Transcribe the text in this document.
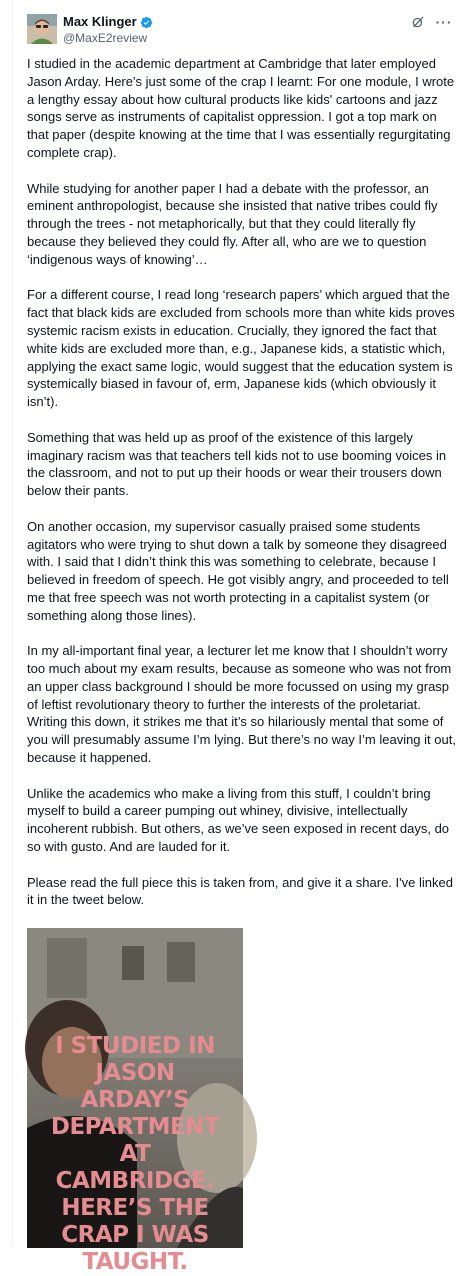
Max Klinger
@MaxE2review
···

I studied in the academic department at Cambridge that later employed Jason Arday. Here's just some of the crap I learnt: For one module, I wrote a lengthy essay about how cultural products like kids' cartoons and jazz songs serve as instruments of capitalist oppression. I got a top mark on that paper (despite knowing at the time that I was essentially regurgitating complete crap).

While studying for another paper I had a debate with the professor, an eminent anthropologist, because she insisted that native tribes could fly through the trees - not metaphorically, but that they could literally fly because they believed they could fly. After all, who are we to question ‘indigenous ways of knowing’…

For a different course, I read long ‘research papers’ which argued that the fact that black kids are excluded from schools more than white kids proves systemic racism exists in education. Crucially, they ignored the fact that white kids are excluded more than, e.g., Japanese kids, a statistic which, applying the exact same logic, would suggest that the education system is systemically biased in favour of, erm, Japanese kids (which obviously it isn’t).

Something that was held up as proof of the existence of this largely imaginary racism was that teachers tell kids not to use booming voices in the classroom, and not to put up their hoods or wear their trousers down below their pants.

On another occasion, my supervisor casually praised some students agitators who were trying to shut down a talk by someone they disagreed with. I said that I didn’t think this was something to celebrate, because I believed in freedom of speech. He got visibly angry, and proceeded to tell me that free speech was not worth protecting in a capitalist system (or something along those lines).

In my all-important final year, a lecturer let me know that I shouldn’t worry too much about my exam results, because as someone who was not from an upper class background I should be more focussed on using my grasp of leftist revolutionary theory to further the interests of the proletariat. Writing this down, it strikes me that it’s so hilariously mental that some of you will presumably assume I’m lying. But there’s no way I’m leaving it out, because it happened.

Unlike the academics who make a living from this stuff, I couldn’t bring myself to build a career pumping out whiney, divisive, intellectually incoherent rubbish. But others, as we’ve seen exposed in recent days, do so with gusto. And are lauded for it.

Please read the full piece this is taken from, and give it a share. I've linked it in the tweet below.

I STUDIED IN JASON ARDAY’S DEPARTMENT AT CAMBRIDGE. HERE’S THE CRAP I WAS TAUGHT.
